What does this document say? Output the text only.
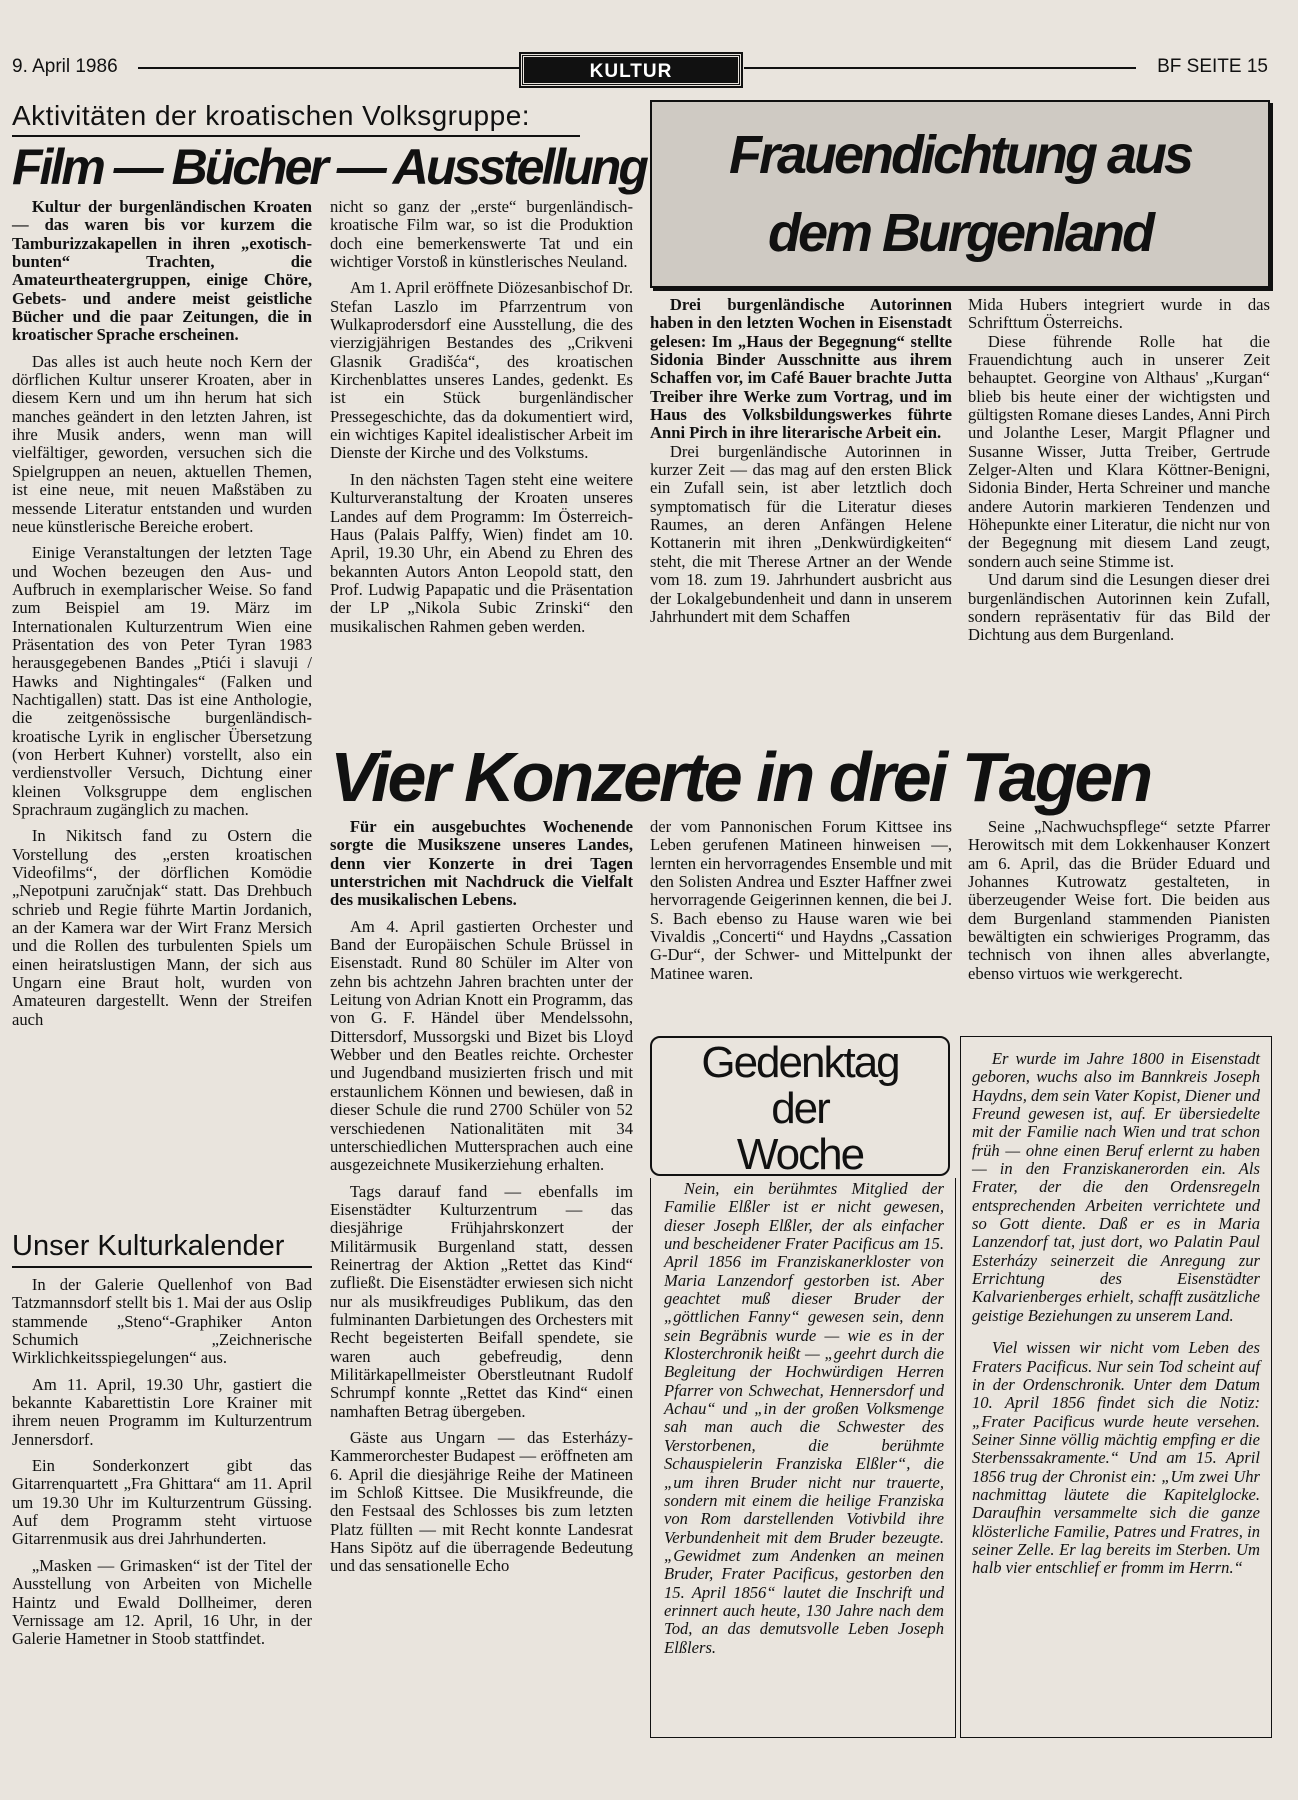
9. April 1986	KULTUR	BF SEITE 15
Aktivitäten der kroatischen Volksgruppe:
Film — Bücher — Ausstellung

Kultur der burgenländischen Kroaten — das waren bis vor kurzem die Tamburizzakapellen in ihren „exotisch-bunten“ Trachten, die Amateurtheatergruppen, einige Chöre, Gebets- und andere meist geistliche Bücher und die paar Zeitungen, die in kroatischer Sprache erscheinen.

Das alles ist auch heute noch Kern der dörflichen Kultur unserer Kroaten, aber in diesem Kern und um ihn herum hat sich manches geändert in den letzten Jahren, ist ihre Musik anders, wenn man will vielfältiger, geworden, versuchen sich die Spielgruppen an neuen, aktuellen Themen, ist eine neue, mit neuen Maßstäben zu messende Literatur entstanden und wurden neue künstlerische Bereiche erobert.

Einige Veranstaltungen der letzten Tage und Wochen bezeugen den Aus- und Aufbruch in exemplarischer Weise. So fand zum Beispiel am 19. März im Internationalen Kulturzentrum Wien eine Präsentation des von Peter Tyran 1983 herausgegebenen Bandes „Ptići i slavuji / Hawks and Nightingales“ (Falken und Nachtigallen) statt. Das ist eine Anthologie, die zeitgenössische burgenländisch-kroatische Lyrik in englischer Übersetzung (von Herbert Kuhner) vorstellt, also ein verdienstvoller Versuch, Dichtung einer kleinen Volksgruppe dem englischen Sprachraum zugänglich zu machen.

In Nikitsch fand zu Ostern die Vorstellung des „ersten kroatischen Videofilms“, der dörflichen Komödie „Nepotpuni zaručnjak“ statt. Das Drehbuch schrieb und Regie führte Martin Jordanich, an der Kamera war der Wirt Franz Mersich und die Rollen des turbulenten Spiels um einen heiratslustigen Mann, der sich aus Ungarn eine Braut holt, wurden von Amateuren dargestellt. Wenn der Streifen auch

nicht so ganz der „erste“ burgenländisch-kroatische Film war, so ist die Produktion doch eine bemerkenswerte Tat und ein wichtiger Vorstoß in künstlerisches Neuland.

Am 1. April eröffnete Diözesanbischof Dr. Stefan Laszlo im Pfarrzentrum von Wulkaprodersdorf eine Ausstellung, die des vierzigjährigen Bestandes des „Crikveni Glasnik Gradišća“, des kroatischen Kirchenblattes unseres Landes, gedenkt. Es ist ein Stück burgenländischer Pressegeschichte, das da dokumentiert wird, ein wichtiges Kapitel idealistischer Arbeit im Dienste der Kirche und des Volkstums.

In den nächsten Tagen steht eine weitere Kulturveranstaltung der Kroaten unseres Landes auf dem Programm: Im Österreich-Haus (Palais Palffy, Wien) findet am 10. April, 19.30 Uhr, ein Abend zu Ehren des bekannten Autors Anton Leopold statt, den Prof. Ludwig Papapatic und die Präsentation der LP „Nikola Subic Zrinski“ den musikalischen Rahmen geben werden.

Frauendichtung aus
dem Burgenland

Drei burgenländische Autorinnen haben in den letzten Wochen in Eisenstadt gelesen: Im „Haus der Begegnung“ stellte Sidonia Binder Ausschnitte aus ihrem Schaffen vor, im Café Bauer brachte Jutta Treiber ihre Werke zum Vortrag, und im Haus des Volksbildungswerkes führte Anni Pirch in ihre literarische Arbeit ein.

Drei burgenländische Autorinnen in kurzer Zeit — das mag auf den ersten Blick ein Zufall sein, ist aber letztlich doch symptomatisch für die Literatur dieses Raumes, an deren Anfängen Helene Kottanerin mit ihren „Denkwürdigkeiten“ steht, die mit Therese Artner an der Wende vom 18. zum 19. Jahrhundert ausbricht aus der Lokalgebundenheit und dann in unserem Jahrhundert mit dem Schaffen

Mida Hubers integriert wurde in das Schrifttum Österreichs.

Diese führende Rolle hat die Frauendichtung auch in unserer Zeit behauptet. Georgine von Althaus' „Kurgan“ blieb bis heute einer der wichtigsten und gültigsten Romane dieses Landes, Anni Pirch und Jolanthe Leser, Margit Pflagner und Susanne Wisser, Jutta Treiber, Gertrude Zelger-Alten und Klara Köttner-Benigni, Sidonia Binder, Herta Schreiner und manche andere Autorin markieren Tendenzen und Höhepunkte einer Literatur, die nicht nur von der Begegnung mit diesem Land zeugt, sondern auch seine Stimme ist.

Und darum sind die Lesungen dieser drei burgenländischen Autorinnen kein Zufall, sondern repräsentativ für das Bild der Dichtung aus dem Burgenland.

Vier Konzerte in drei Tagen

Für ein ausgebuchtes Wochenende sorgte die Musikszene unseres Landes, denn vier Konzerte in drei Tagen unterstrichen mit Nachdruck die Vielfalt des musikalischen Lebens.

Am 4. April gastierten Orchester und Band der Europäischen Schule Brüssel in Eisenstadt. Rund 80 Schüler im Alter von zehn bis achtzehn Jahren brachten unter der Leitung von Adrian Knott ein Programm, das von G. F. Händel über Mendelssohn, Dittersdorf, Mussorgski und Bizet bis Lloyd Webber und den Beatles reichte. Orchester und Jugendband musizierten frisch und mit erstaunlichem Können und bewiesen, daß in dieser Schule die rund 2700 Schüler von 52 verschiedenen Nationalitäten mit 34 unterschiedlichen Muttersprachen auch eine ausgezeichnete Musikerziehung erhalten.

Tags darauf fand — ebenfalls im Eisenstädter Kulturzentrum — das diesjährige Frühjahrskonzert der Militärmusik Burgenland statt, dessen Reinertrag der Aktion „Rettet das Kind“ zufließt. Die Eisenstädter erwiesen sich nicht nur als musikfreudiges Publikum, das den fulminanten Darbietungen des Orchesters mit Recht begeisterten Beifall spendete, sie waren auch gebefreudig, denn Militärkapellmeister Oberstleutnant Rudolf Schrumpf konnte „Rettet das Kind“ einen namhaften Betrag übergeben.

Gäste aus Ungarn — das Esterházy-Kammerorchester Budapest — eröffneten am 6. April die diesjährige Reihe der Matineen im Schloß Kittsee. Die Musikfreunde, die den Festsaal des Schlosses bis zum letzten Platz füllten — mit Recht konnte Landesrat Hans Sipötz auf die überragende Bedeutung und das sensationelle Echo

der vom Pannonischen Forum Kittsee ins Leben gerufenen Matineen hinweisen —, lernten ein hervorragendes Ensemble und mit den Solisten Andrea und Eszter Haffner zwei hervorragende Geigerinnen kennen, die bei J. S. Bach ebenso zu Hause waren wie bei Vivaldis „Concerti“ und Haydns „Cassation G-Dur“, der Schwer- und Mittelpunkt der Matinee waren.

Seine „Nachwuchspflege“ setzte Pfarrer Herowitsch mit dem Lokkenhauser Konzert am 6. April, das die Brüder Eduard und Johannes Kutrowatz gestalteten, in überzeugender Weise fort. Die beiden aus dem Burgenland stammenden Pianisten bewältigten ein schwieriges Programm, das technisch von ihnen alles abverlangte, ebenso virtuos wie werkgerecht.

Unser Kulturkalender

In der Galerie Quellenhof von Bad Tatzmannsdorf stellt bis 1. Mai der aus Oslip stammende „Steno“-Graphiker Anton Schumich „Zeichnerische Wirklichkeitsspiegelungen“ aus.

Am 11. April, 19.30 Uhr, gastiert die bekannte Kabarettistin Lore Krainer mit ihrem neuen Programm im Kulturzentrum Jennersdorf.

Ein Sonderkonzert gibt das Gitarrenquartett „Fra Ghittara“ am 11. April um 19.30 Uhr im Kulturzentrum Güssing. Auf dem Programm steht virtuose Gitarrenmusik aus drei Jahrhunderten.

„Masken — Grimasken“ ist der Titel der Ausstellung von Arbeiten von Michelle Haintz und Ewald Dollheimer, deren Vernissage am 12. April, 16 Uhr, in der Galerie Hametner in Stoob stattfindet.

Gedenktag
der
Woche

Nein, ein berühmtes Mitglied der Familie Elßler ist er nicht gewesen, dieser Joseph Elßler, der als einfacher und bescheidener Frater Pacificus am 15. April 1856 im Franziskanerkloster von Maria Lanzendorf gestorben ist. Aber geachtet muß dieser Bruder der „göttlichen Fanny“ gewesen sein, denn sein Begräbnis wurde — wie es in der Klosterchronik heißt — „geehrt durch die Begleitung der Hochwürdigen Herren Pfarrer von Schwechat, Hennersdorf und Achau“ und „in der großen Volksmenge sah man auch die Schwester des Verstorbenen, die berühmte Schauspielerin Franziska Elßler“, die „um ihren Bruder nicht nur trauerte, sondern mit einem die heilige Franziska von Rom darstellenden Votivbild ihre Verbundenheit mit dem Bruder bezeugte. „Gewidmet zum Andenken an meinen Bruder, Frater Pacificus, gestorben den 15. April 1856“ lautet die Inschrift und erinnert auch heute, 130 Jahre nach dem Tod, an das demutsvolle Leben Joseph Elßlers.

Er wurde im Jahre 1800 in Eisenstadt geboren, wuchs also im Bannkreis Joseph Haydns, dem sein Vater Kopist, Diener und Freund gewesen ist, auf. Er übersiedelte mit der Familie nach Wien und trat schon früh — ohne einen Beruf erlernt zu haben — in den Franziskanerorden ein. Als Frater, der die den Ordensregeln entsprechenden Arbeiten verrichtete und so Gott diente. Daß er es in Maria Lanzendorf tat, just dort, wo Palatin Paul Esterházy seinerzeit die Anregung zur Errichtung des Eisenstädter Kalvarienberges erhielt, schafft zusätzliche geistige Beziehungen zu unserem Land.

Viel wissen wir nicht vom Leben des Fraters Pacificus. Nur sein Tod scheint auf in der Ordenschronik. Unter dem Datum 10. April 1856 findet sich die Notiz: „Frater Pacificus wurde heute versehen. Seiner Sinne völlig mächtig empfing er die Sterbenssakramente.“ Und am 15. April 1856 trug der Chronist ein: „Um zwei Uhr nachmittag läutete die Kapitelglocke. Daraufhin versammelte sich die ganze klösterliche Familie, Patres und Fratres, in seiner Zelle. Er lag bereits im Sterben. Um halb vier entschlief er fromm im Herrn.“
